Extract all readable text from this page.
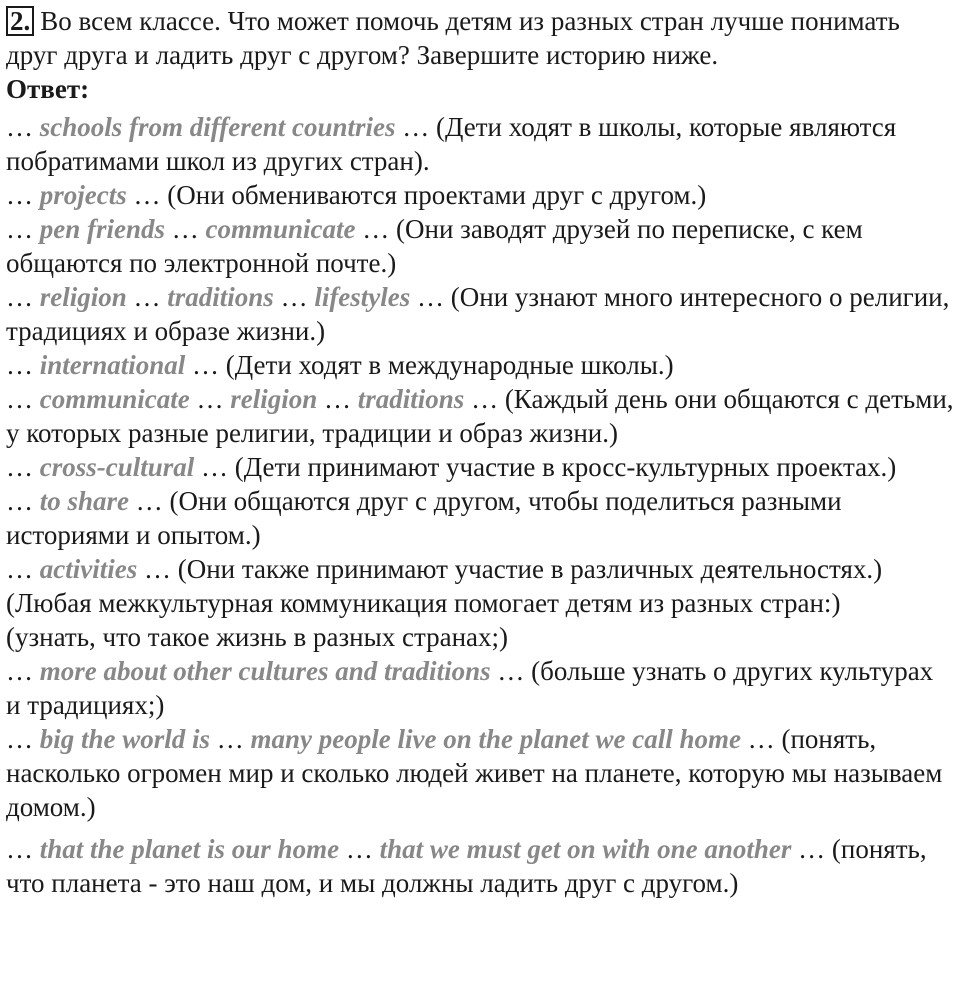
2. Во всем классе. Что может помочь детям из разных стран лучше понимать друг друга и ладить друг с другом? Завершите историю ниже.

Ответ:

… schools from different countries … (Дети ходят в школы, которые являются побратимами школ из других стран).

… projects … (Они обмениваются проектами друг с другом.)

… pen friends … communicate … (Они заводят друзей по переписке, с кем общаются по электронной почте.)

… religion … traditions … lifestyles … (Они узнают много интересного о религии, традициях и образе жизни.)

… international … (Дети ходят в международные школы.)

… communicate … religion … traditions … (Каждый день они общаются с детьми, у которых разные религии, традиции и образ жизни.)

… cross-cultural … (Дети принимают участие в кросс-культурных проектах.)

… to share … (Они общаются друг с другом, чтобы поделиться разными историями и опытом.)

… activities … (Они также принимают участие в различных деятельностях.)

(Любая межкультурная коммуникация помогает детям из разных стран:)

(узнать, что такое жизнь в разных странах;)

… more about other cultures and traditions … (больше узнать о других культурах и традициях;)

… big the world is … many people live on the planet we call home … (понять, насколько огромен мир и сколько людей живет на планете, которую мы называем домом.)

… that the planet is our home … that we must get on with one another … (понять, что планета - это наш дом, и мы должны ладить друг с другом.)
